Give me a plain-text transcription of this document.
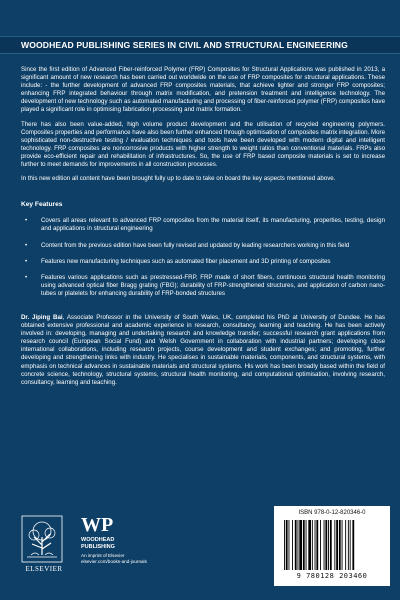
WOODHEAD PUBLISHING SERIES IN CIVIL AND STRUCTURAL ENGINEERING

Since the first edition of Advanced Fiber-reinforced Polymer (FRP) Composites for Structural Applications was published in 2013, a significant amount of new research has been carried out worldwide on the use of FRP composites for structural applications. These include: - the further development of advanced FRP composites materials, that achieve lighter and stronger FRP composites; enhancing FRP integrated behaviour through matrix modification, and pretension treatment and intelligence technology. The development of new technology such as automated manufacturing and processing of fiber-reinforced polymer (FRP) composites have played a significant role in optimising fabrication processing and matrix formation.

There has also been value-added, high volume product development and the utilisation of recycled engineering polymers. Composites properties and performance have also been further enhanced through optimisation of composites matrix integration. More sophisticated non-destructive testing / evaluation techniques and tools have been developed with modern digital and intelligent technology. FRP composites are noncorrosive products with higher strength to weight ratios than conventional materials. FRPs also provide eco-efficient repair and rehabilitation of infrastructures. So, the use of FRP based composite materials is set to increase further to meet demands for improvements in all construction processes.

In this new edition all content have been brought fully up to date to take on board the key aspects mentioned above.

Key Features
• Covers all areas relevant to advanced FRP composites from the material itself, its manufacturing, properties, testing, design and applications in structural engineering
• Content from the previous edition have been fully revised and updated by leading researchers working in this field
• Features new manufacturing techniques such as automated fiber placement and 3D printing of composites
• Features various applications such as prestressed-FRP, FRP made of short fibers, continuous structural health monitoring using advanced optical fiber Bragg grating (FBG); durability of FRP-strengthened structures, and application of carbon nano-tubes or platelets for enhancing durability of FRP-bonded structures

Dr. Jiping Bai, Associate Professor in the University of South Wales, UK, completed his PhD at University of Dundee. He has obtained extensive professional and academic experience in research, consultancy, learning and teaching. He has been actively involved in: developing, managing and undertaking research and knowledge transfer; successful research grant applications from research council (European Social Fund) and Welsh Government in collaboration with industrial partners; developing close international collaborations, including research projects, course development and student exchanges; and promoting, further developing and strengthening links with industry. He specialises in sustainable materials, components, and structural systems, with emphasis on technical advances in sustainable materials and structural systems. His work has been broadly based within the field of concrete science, technology, structural systems, structural health monitoring, and computational optimisation, involving research, consultancy, learning and teaching.

ELSEVIER
WP
WOODHEAD
PUBLISHING
An imprint of Elsevier
elsevier.com/books-and-journals
ISBN 978-0-12-820346-0
9 780128 203460
